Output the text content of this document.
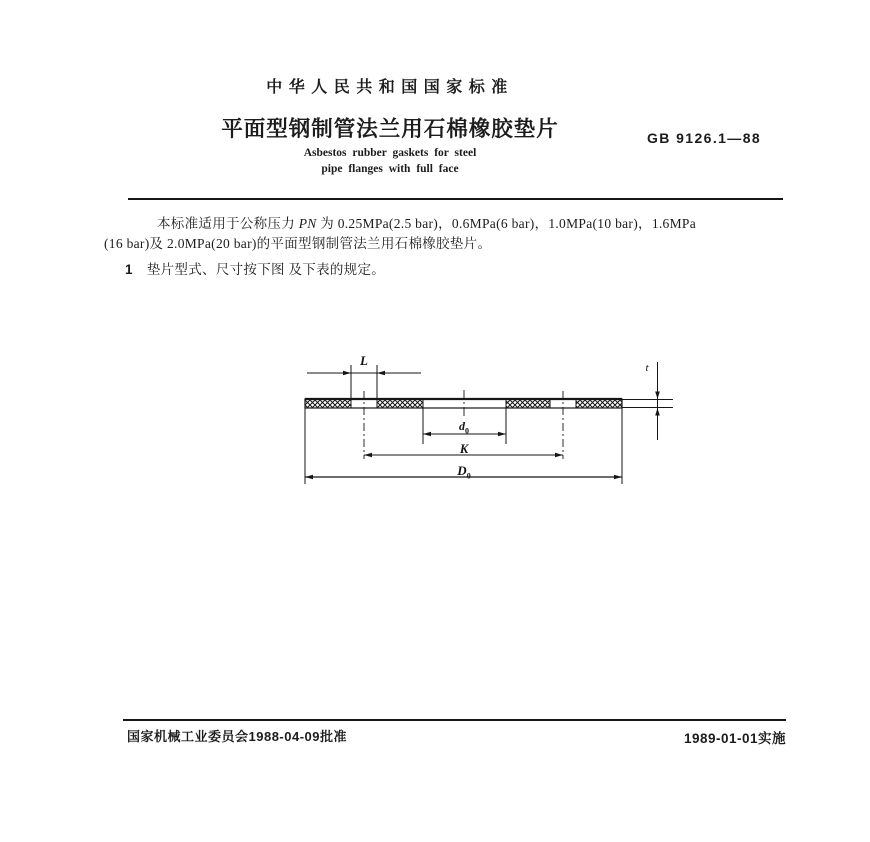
中华人民共和国国家标准
平面型钢制管法兰用石棉橡胶垫片	GB 9126.1—88
Asbestos rubber gaskets for steel
pipe flanges with full face
本标准适用于公称压力 PN 为 0.25MPa(2.5 bar)，0.6MPa(6 bar)，1.0MPa(10 bar)，1.6MPa
(16 bar)及 2.0MPa(20 bar)的平面型钢制管法兰用石棉橡胶垫片。
1 垫片型式、尺寸按下图 及下表的规定。
L	t
$d_0$
K
$D_0$
国家机械工业委员会1988-04-09批准	1989-01-01实施
